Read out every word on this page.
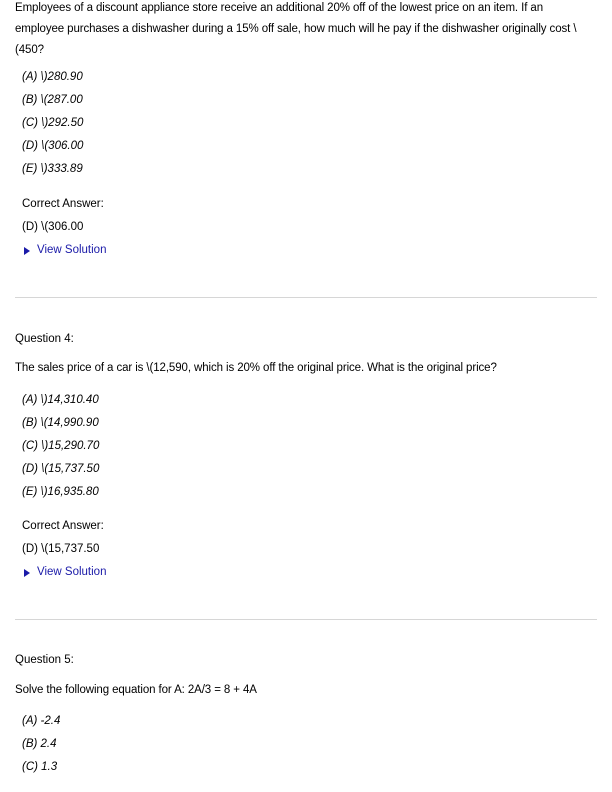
Employees of a discount appliance store receive an additional 20% off of the lowest price on an item. If an employee purchases a dishwasher during a 15% off sale, how much will he pay if the dishwasher originally cost \(450?
(A) \)280.90
(B) \(287.00
(C) \)292.50
(D) \(306.00
(E) \)333.89
Correct Answer:
(D) \(306.00
View Solution
Question 4:
The sales price of a car is \(12,590, which is 20% off the original price. What is the original price?
(A) \)14,310.40
(B) \(14,990.90
(C) \)15,290.70
(D) \(15,737.50
(E) \)16,935.80
Correct Answer:
(D) \(15,737.50
View Solution
Question 5:
Solve the following equation for A: 2A/3 = 8 + 4A
(A) -2.4
(B) 2.4
(C) 1.3
